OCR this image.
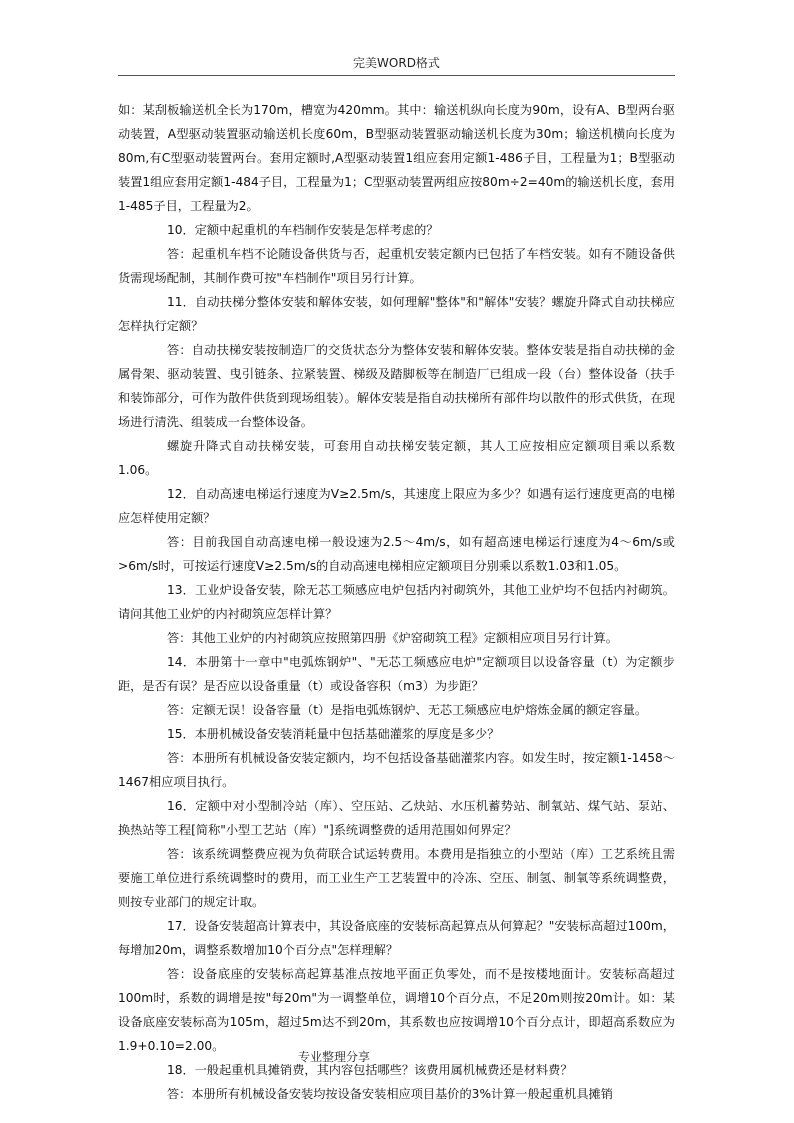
完美WORD格式

如：某刮板输送机全长为170m，槽宽为420mm。其中：输送机纵向长度为90m，设有A、B型两台驱动装置，A型驱动装置驱动输送机长度60m，B型驱动装置驱动输送机长度为30m；输送机横向长度为80m,有C型驱动装置两台。套用定额时,A型驱动装置1组应套用定额1-486子目，工程量为1；B型驱动装置1组应套用定额1-484子目，工程量为1；C型驱动装置两组应按80m÷2=40m的输送机长度，套用1-485子目，工程量为2。

10．定额中起重机的车档制作安装是怎样考虑的？

答：起重机车档不论随设备供货与否，起重机安装定额内已包括了车档安装。如有不随设备供货需现场配制，其制作费可按"车档制作"项目另行计算。

11．自动扶梯分整体安装和解体安装，如何理解"整体"和"解体"安装？螺旋升降式自动扶梯应怎样执行定额？

答：自动扶梯安装按制造厂的交货状态分为整体安装和解体安装。整体安装是指自动扶梯的金属骨架、驱动装置、曳引链条、拉紧装置、梯级及踏脚板等在制造厂已组成一段（台）整体设备（扶手和装饰部分，可作为散件供货到现场组装）。解体安装是指自动扶梯所有部件均以散件的形式供货，在现场进行清洗、组装成一台整体设备。

螺旋升降式自动扶梯安装，可套用自动扶梯安装定额，其人工应按相应定额项目乘以系数1.06。

12．自动高速电梯运行速度为V≥2.5m/s，其速度上限应为多少？如遇有运行速度更高的电梯应怎样使用定额？

答：目前我国自动高速电梯一般设速为2.5～4m/s，如有超高速电梯运行速度为4～6m/s或>6m/s时，可按运行速度V≥2.5m/s的自动高速电梯相应定额项目分别乘以系数1.03和1.05。

13．工业炉设备安装，除无芯工频感应电炉包括内衬砌筑外，其他工业炉均不包括内衬砌筑。请问其他工业炉的内衬砌筑应怎样计算？

答：其他工业炉的内衬砌筑应按照第四册《炉窑砌筑工程》定额相应项目另行计算。

14．本册第十一章中"电弧炼钢炉"、"无芯工频感应电炉"定额项目以设备容量（t）为定额步距，是否有误？是否应以设备重量（t）或设备容积（m3）为步距？

答：定额无误！设备容量（t）是指电弧炼钢炉、无芯工频感应电炉熔炼金属的额定容量。

15．本册机械设备安装消耗量中包括基础灌浆的厚度是多少？

答：本册所有机械设备安装定额内，均不包括设备基础灌浆内容。如发生时，按定额1-1458～1467相应项目执行。

16．定额中对小型制冷站（库）、空压站、乙炔站、水压机蓄势站、制氧站、煤气站、泵站、换热站等工程[简称"小型工艺站（库）"]系统调整费的适用范围如何界定？

答：该系统调整费应视为负荷联合试运转费用。本费用是指独立的小型站（库）工艺系统且需要施工单位进行系统调整时的费用，而工业生产工艺装置中的冷冻、空压、制氢、制氧等系统调整费，则按专业部门的规定计取。

17．设备安装超高计算表中，其设备底座的安装标高起算点从何算起？"安装标高超过100m，每增加20m，调整系数增加10个百分点"怎样理解？

答：设备底座的安装标高起算基准点按地平面正负零处，而不是按楼地面计。安装标高超过100m时，系数的调增是按"每20m"为一调整单位，调增10个百分点，不足20m则按20m计。如：某设备底座安装标高为105m，超过5m达不到20m，其系数也应按调增10个百分点计，即超高系数应为1.9+0.10=2.00。

18．一般起重机具摊销费，其内容包括哪些？该费用属机械费还是材料费？

答：本册所有机械设备安装均按设备安装相应项目基价的3%计算一般起重机具摊销

专业整理分享
